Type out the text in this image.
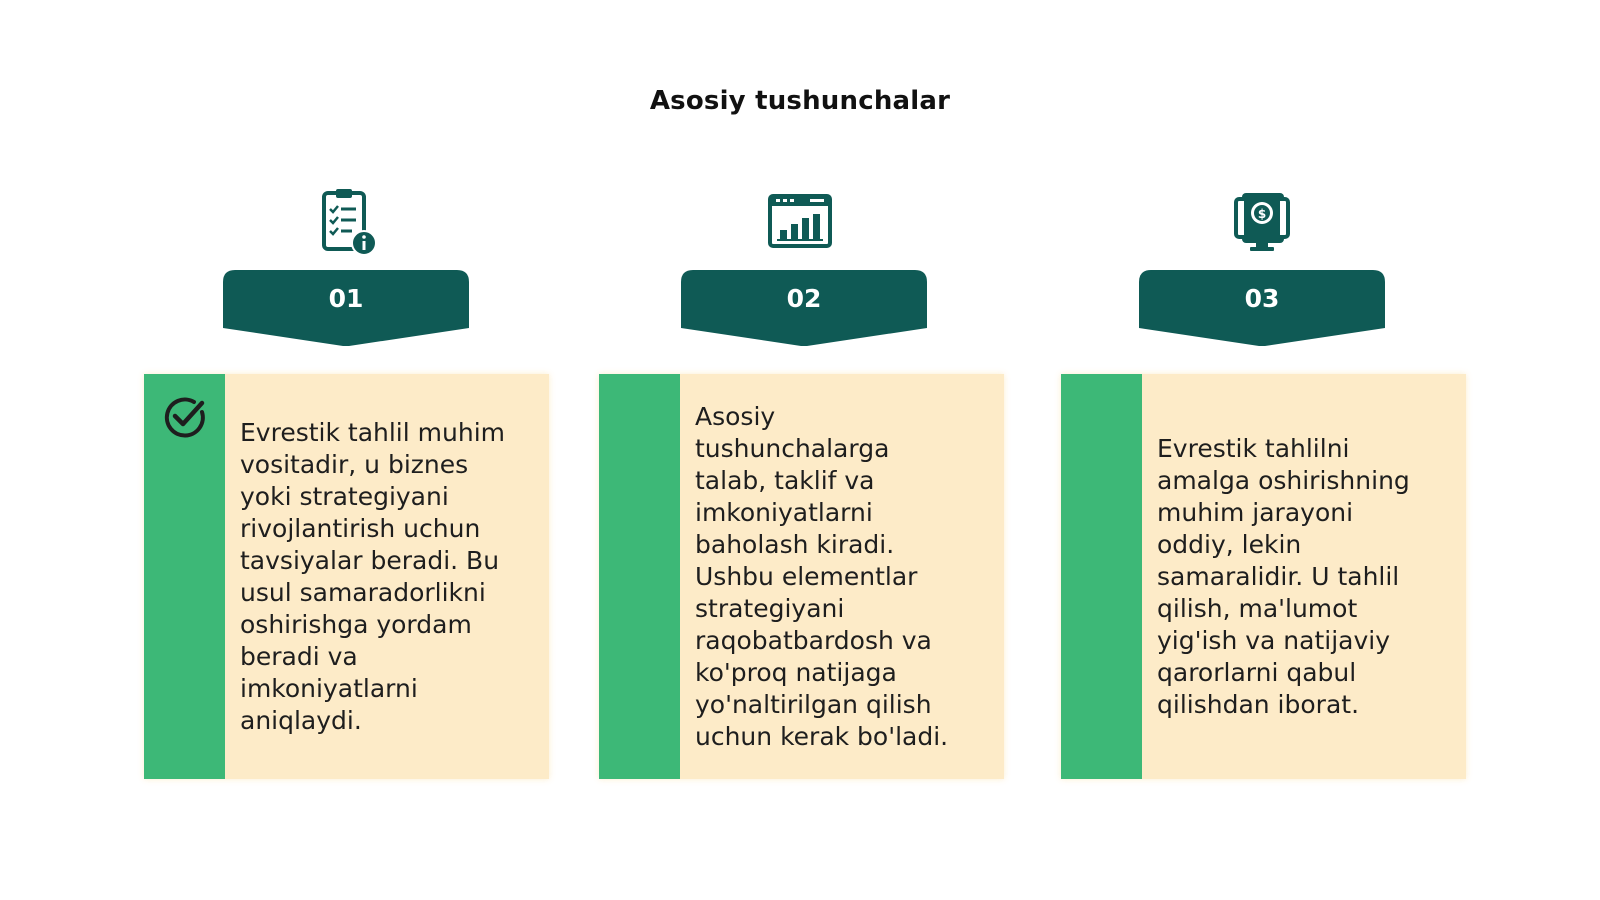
Asosiy tushunchalar
01
Evrestik tahlil muhim
vositadir, u biznes
yoki strategiyani
rivojlantirish uchun
tavsiyalar beradi. Bu
usul samaradorlikni
oshirishga yordam
beradi va
imkoniyatlarni
aniqlaydi.
02
Asosiy
tushunchalarga
talab, taklif va
imkoniyatlarni
baholash kiradi.
Ushbu elementlar
strategiyani
raqobatbardosh va
ko'proq natijaga
yo'naltirilgan qilish
uchun kerak bo'ladi.
$
03
Evrestik tahlilni
amalga oshirishning
muhim jarayoni
oddiy, lekin
samaralidir. U tahlil
qilish, ma'lumot
yig'ish va natijaviy
qarorlarni qabul
qilishdan iborat.
